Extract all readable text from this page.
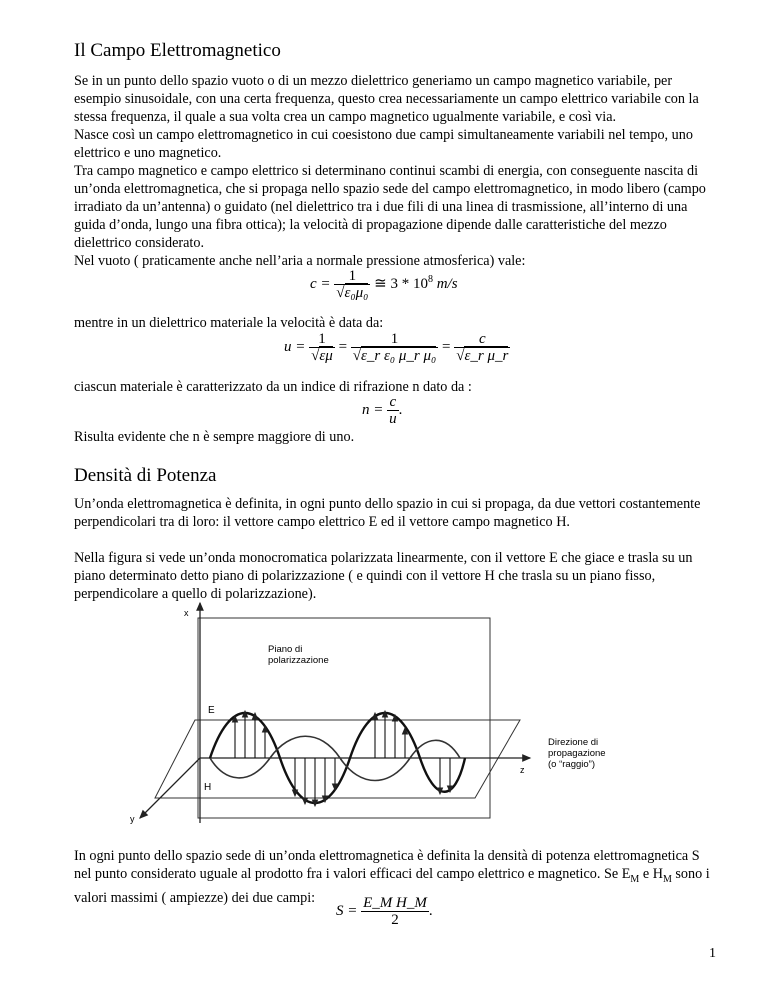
Il Campo Elettromagnetico

Se in un punto dello spazio vuoto o di un mezzo dielettrico generiamo un campo magnetico variabile, per esempio sinusoidale, con una certa frequenza, questo crea necessariamente un campo elettrico variabile con la stessa frequenza, il quale a sua volta crea un campo magnetico ugualmente variabile, e così via.

Nasce così un campo elettromagnetico in cui coesistono due campi simultaneamente variabili nel tempo, uno elettrico e uno magnetico.

Tra campo magnetico e campo elettrico si determinano continui scambi di energia, con conseguente nascita di un’onda elettromagnetica, che si propaga nello spazio sede del campo elettromagnetico, in modo libero (campo irradiato da un’antenna) o guidato (nel dielettrico tra i due fili di una linea di trasmissione, all’interno di una guida d’onda, lungo una fibra ottica); la velocità di propagazione dipende dalle caratteristiche del mezzo dielettrico considerato.

Nel vuoto ( praticamente anche nell’aria a normale pressione atmosferica) vale:

$c = \frac{1}{\text{√ε₀μ₀}}$ ≅ $3 * 10^8$ m/s

mentre in un dielettrico materiale la velocità è data da:

$u = \frac{1}{√\varepsilon\mu} = \frac{1}{\text{√ε\_r ε₀ μ\_r μ₀}} = \frac{c}{\text{√ε\_r μ\_r}}$

ciascun materiale è caratterizzato da un indice di rifrazione n dato da :

$n = \frac{c}{u}$ .

Risulta evidente che n è sempre maggiore di uno.

Densità di Potenza

Un’onda elettromagnetica è definita, in ogni punto dello spazio in cui si propaga, da due vettori costantemente perpendicolari tra di loro: il vettore campo elettrico E ed il vettore campo magnetico H.

Nella figura si vede un’onda monocromatica polarizzata linearmente, con il vettore E che giace e trasla su un piano determinato detto piano di polarizzazione ( e quindi con il vettore H che trasla su un piano fisso, perpendicolare a quello di polarizzazione).

x
y
z
E
H
Piano di
polarizzazione
Direzione di
propagazione
(o “raggio”)

In ogni punto dello spazio sede di un’onda elettromagnetica è definita la densità di potenza elettromagnetica S nel punto considerato uguale al prodotto fra i valori efficaci del campo elettrico e magnetico. Se $E_M$ e $H_M$ sono i valori massimi ( ampiezze) dei due campi:

$S = \frac{\text{E\_M H\_M}}{2}$ .
1
